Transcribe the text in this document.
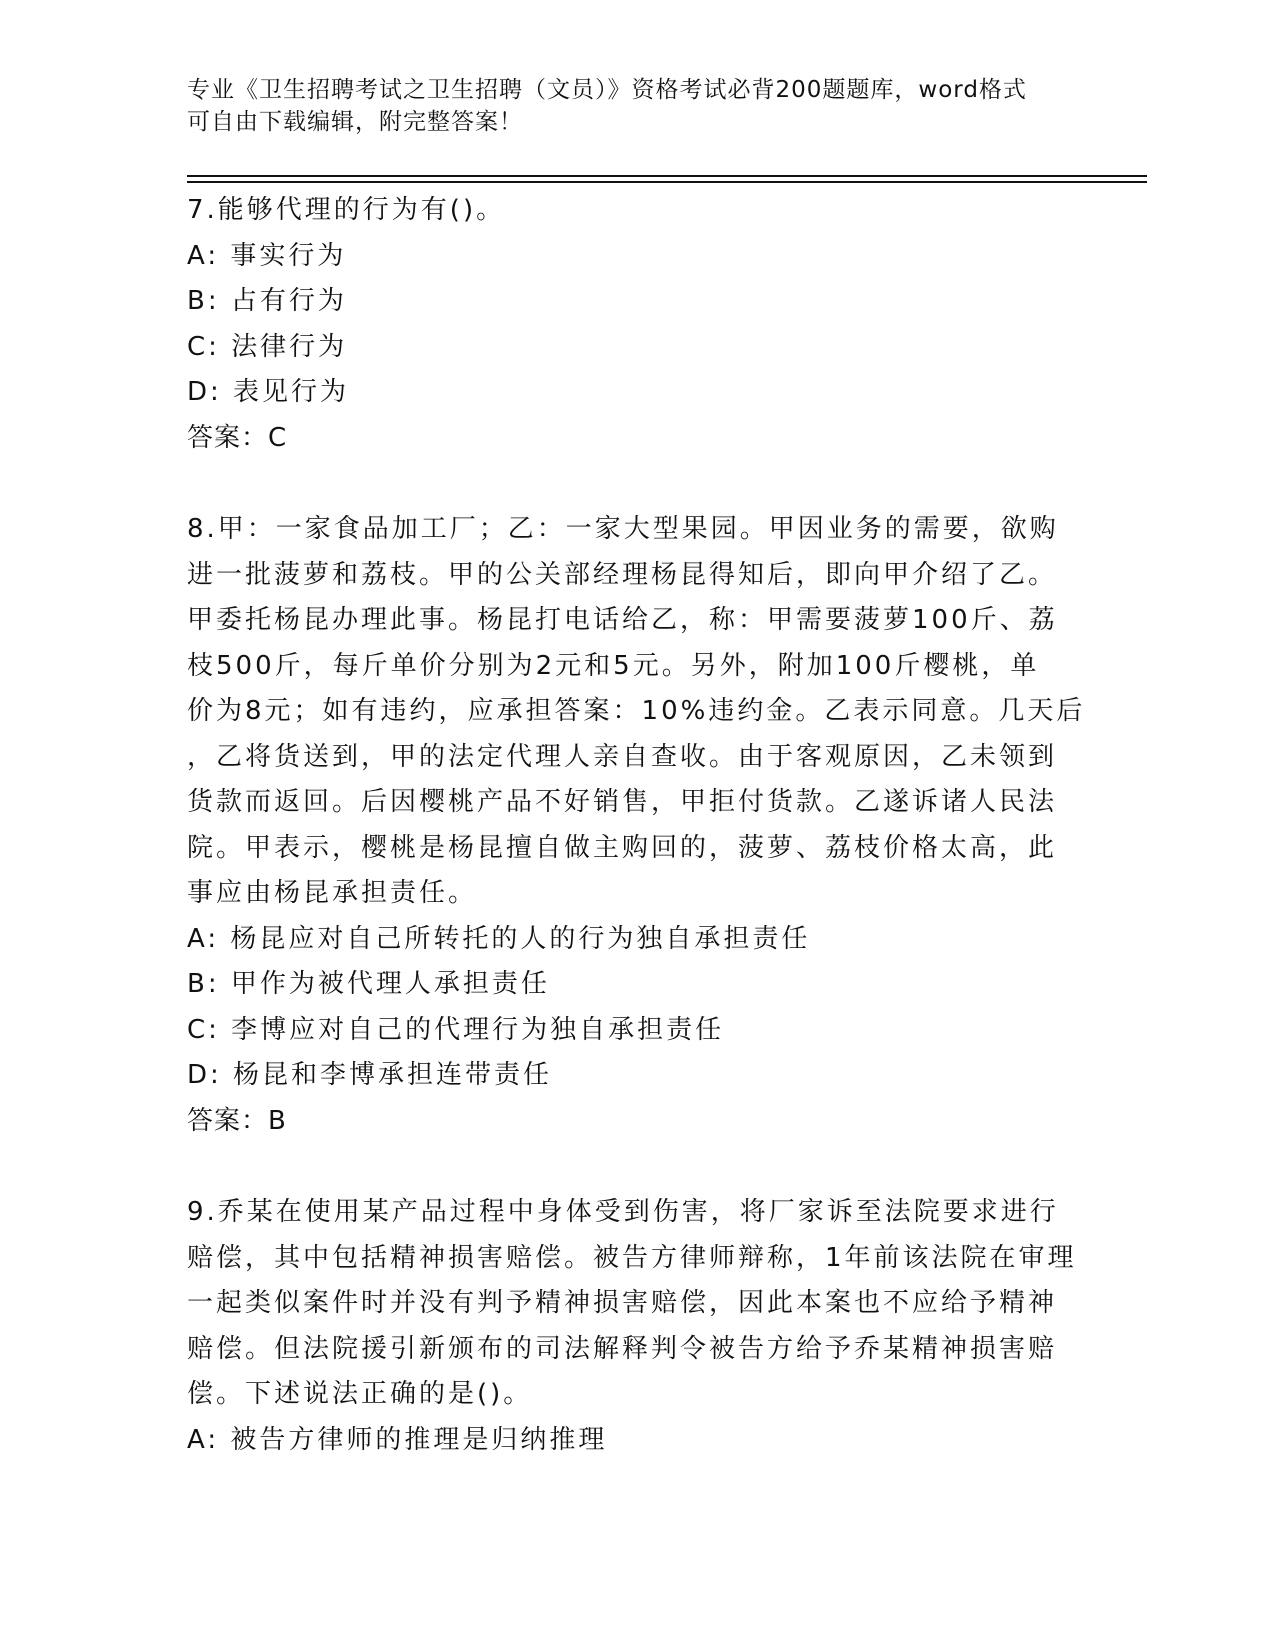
专业《卫生招聘考试之卫生招聘（文员）》资格考试必背200题题库，word格式
可自由下载编辑，附完整答案！

7.能够代理的行为有()。

A: 事实行为

B: 占有行为

C: 法律行为

D: 表见行为

答案：C

8.甲：一家食品加工厂；乙：一家大型果园。甲因业务的需要，欲购

进一批菠萝和荔枝。甲的公关部经理杨昆得知后，即向甲介绍了乙。

甲委托杨昆办理此事。杨昆打电话给乙，称：甲需要菠萝100斤、荔

枝500斤，每斤单价分别为2元和5元。另外，附加100斤樱桃，单

价为8元；如有违约，应承担答案：10%违约金。乙表示同意。几天后

，乙将货送到，甲的法定代理人亲自查收。由于客观原因，乙未领到

货款而返回。后因樱桃产品不好销售，甲拒付货款。乙遂诉诸人民法

院。甲表示，樱桃是杨昆擅自做主购回的，菠萝、荔枝价格太高，此

事应由杨昆承担责任。

A: 杨昆应对自己所转托的人的行为独自承担责任

B: 甲作为被代理人承担责任

C: 李博应对自己的代理行为独自承担责任

D: 杨昆和李博承担连带责任

答案：B

9.乔某在使用某产品过程中身体受到伤害，将厂家诉至法院要求进行

赔偿，其中包括精神损害赔偿。被告方律师辩称，1年前该法院在审理

一起类似案件时并没有判予精神损害赔偿，因此本案也不应给予精神

赔偿。但法院援引新颁布的司法解释判令被告方给予乔某精神损害赔

偿。下述说法正确的是()。

A: 被告方律师的推理是归纳推理
